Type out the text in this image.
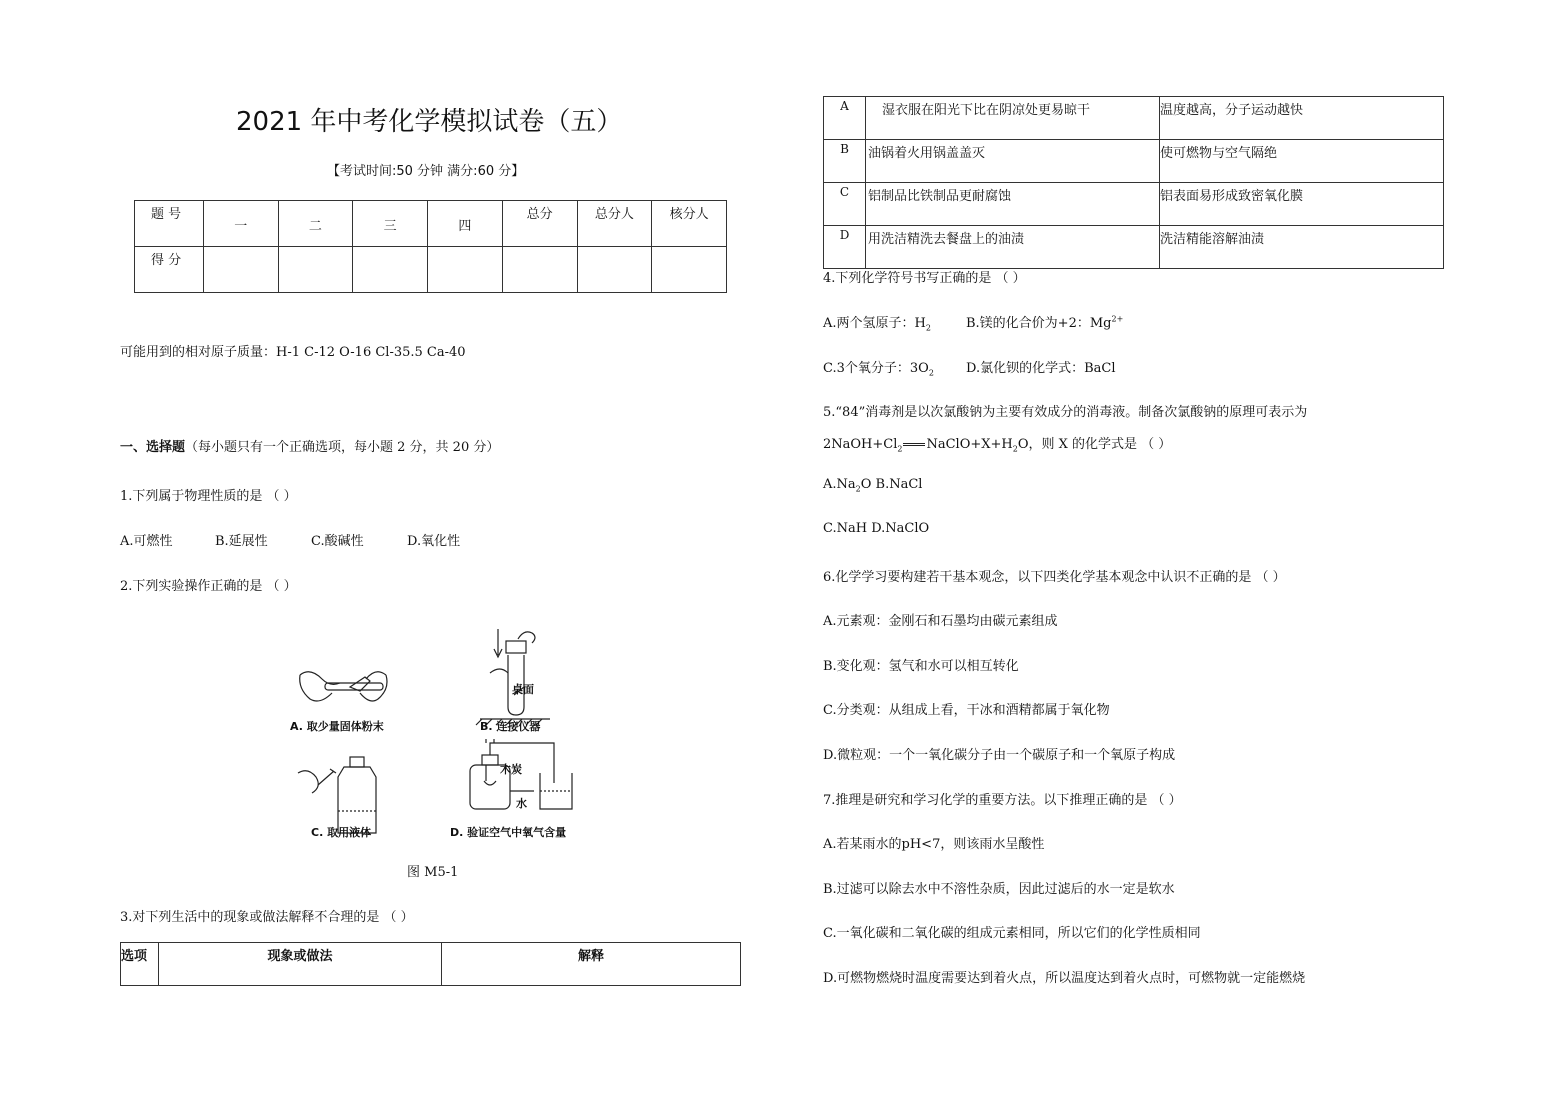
2021 年中考化学模拟试卷（五）
【考试时间:50 分钟 满分:60 分】
题 号	一	二	三	四	总分	总分人	核分人
得 分							
可能用到的相对原子质量：H-1 C-12 O-16 Cl-35.5 Ca-40
一、选择题（每小题只有一个正确选项，每小题 2 分，共 20 分）
1.下列属于物理性质的是 （ ）
A.可燃性	B.延展性	C.酸碱性	D.氧化性
2.下列实验操作正确的是 （ ）
桌面
木炭
水
A. 取少量固体粉末	B. 连接仪器
C. 取用液体	D. 验证空气中氧气含量
图 M5-1
3.对下列生活中的现象或做法解释不合理的是 （ ）
选项	现象或做法	解释
A	湿衣服在阳光下比在阴凉处更易晾干	温度越高，分子运动越快
B	油锅着火用锅盖盖灭	使可燃物与空气隔绝
C	铝制品比铁制品更耐腐蚀	铝表面易形成致密氧化膜
D	用洗洁精洗去餐盘上的油渍	洗洁精能溶解油渍
4.下列化学符号书写正确的是 （ ）
A.两个氢原子：$H_2$	B.镁的化合价为+2：$Mg^{2+}$
C.3个氧分子：$3O_2$ D.氯化钡的化学式：BaCl
5.“84”消毒剂是以次氯酸钠为主要有效成分的消毒液。制备次氯酸钠的原理可表示为
$2NaOH+Cl_2$ $NaClO+X+H_2O$，则 X 的化学式是 （ ）
$A.Na_2O$ B.NaCl
C.NaH D.NaClO
6.化学学习要构建若干基本观念，以下四类化学基本观念中认识不正确的是 （ ）
A.元素观：金刚石和石墨均由碳元素组成
B.变化观：氢气和水可以相互转化
C.分类观：从组成上看，干冰和酒精都属于氧化物
D.微粒观：一个一氧化碳分子由一个碳原子和一个氧原子构成
7.推理是研究和学习化学的重要方法。以下推理正确的是 （ ）
A.若某雨水的pH<7，则该雨水呈酸性
B.过滤可以除去水中不溶性杂质，因此过滤后的水一定是软水
C.一氧化碳和二氧化碳的组成元素相同，所以它们的化学性质相同
D.可燃物燃烧时温度需要达到着火点，所以温度达到着火点时，可燃物就一定能燃烧
